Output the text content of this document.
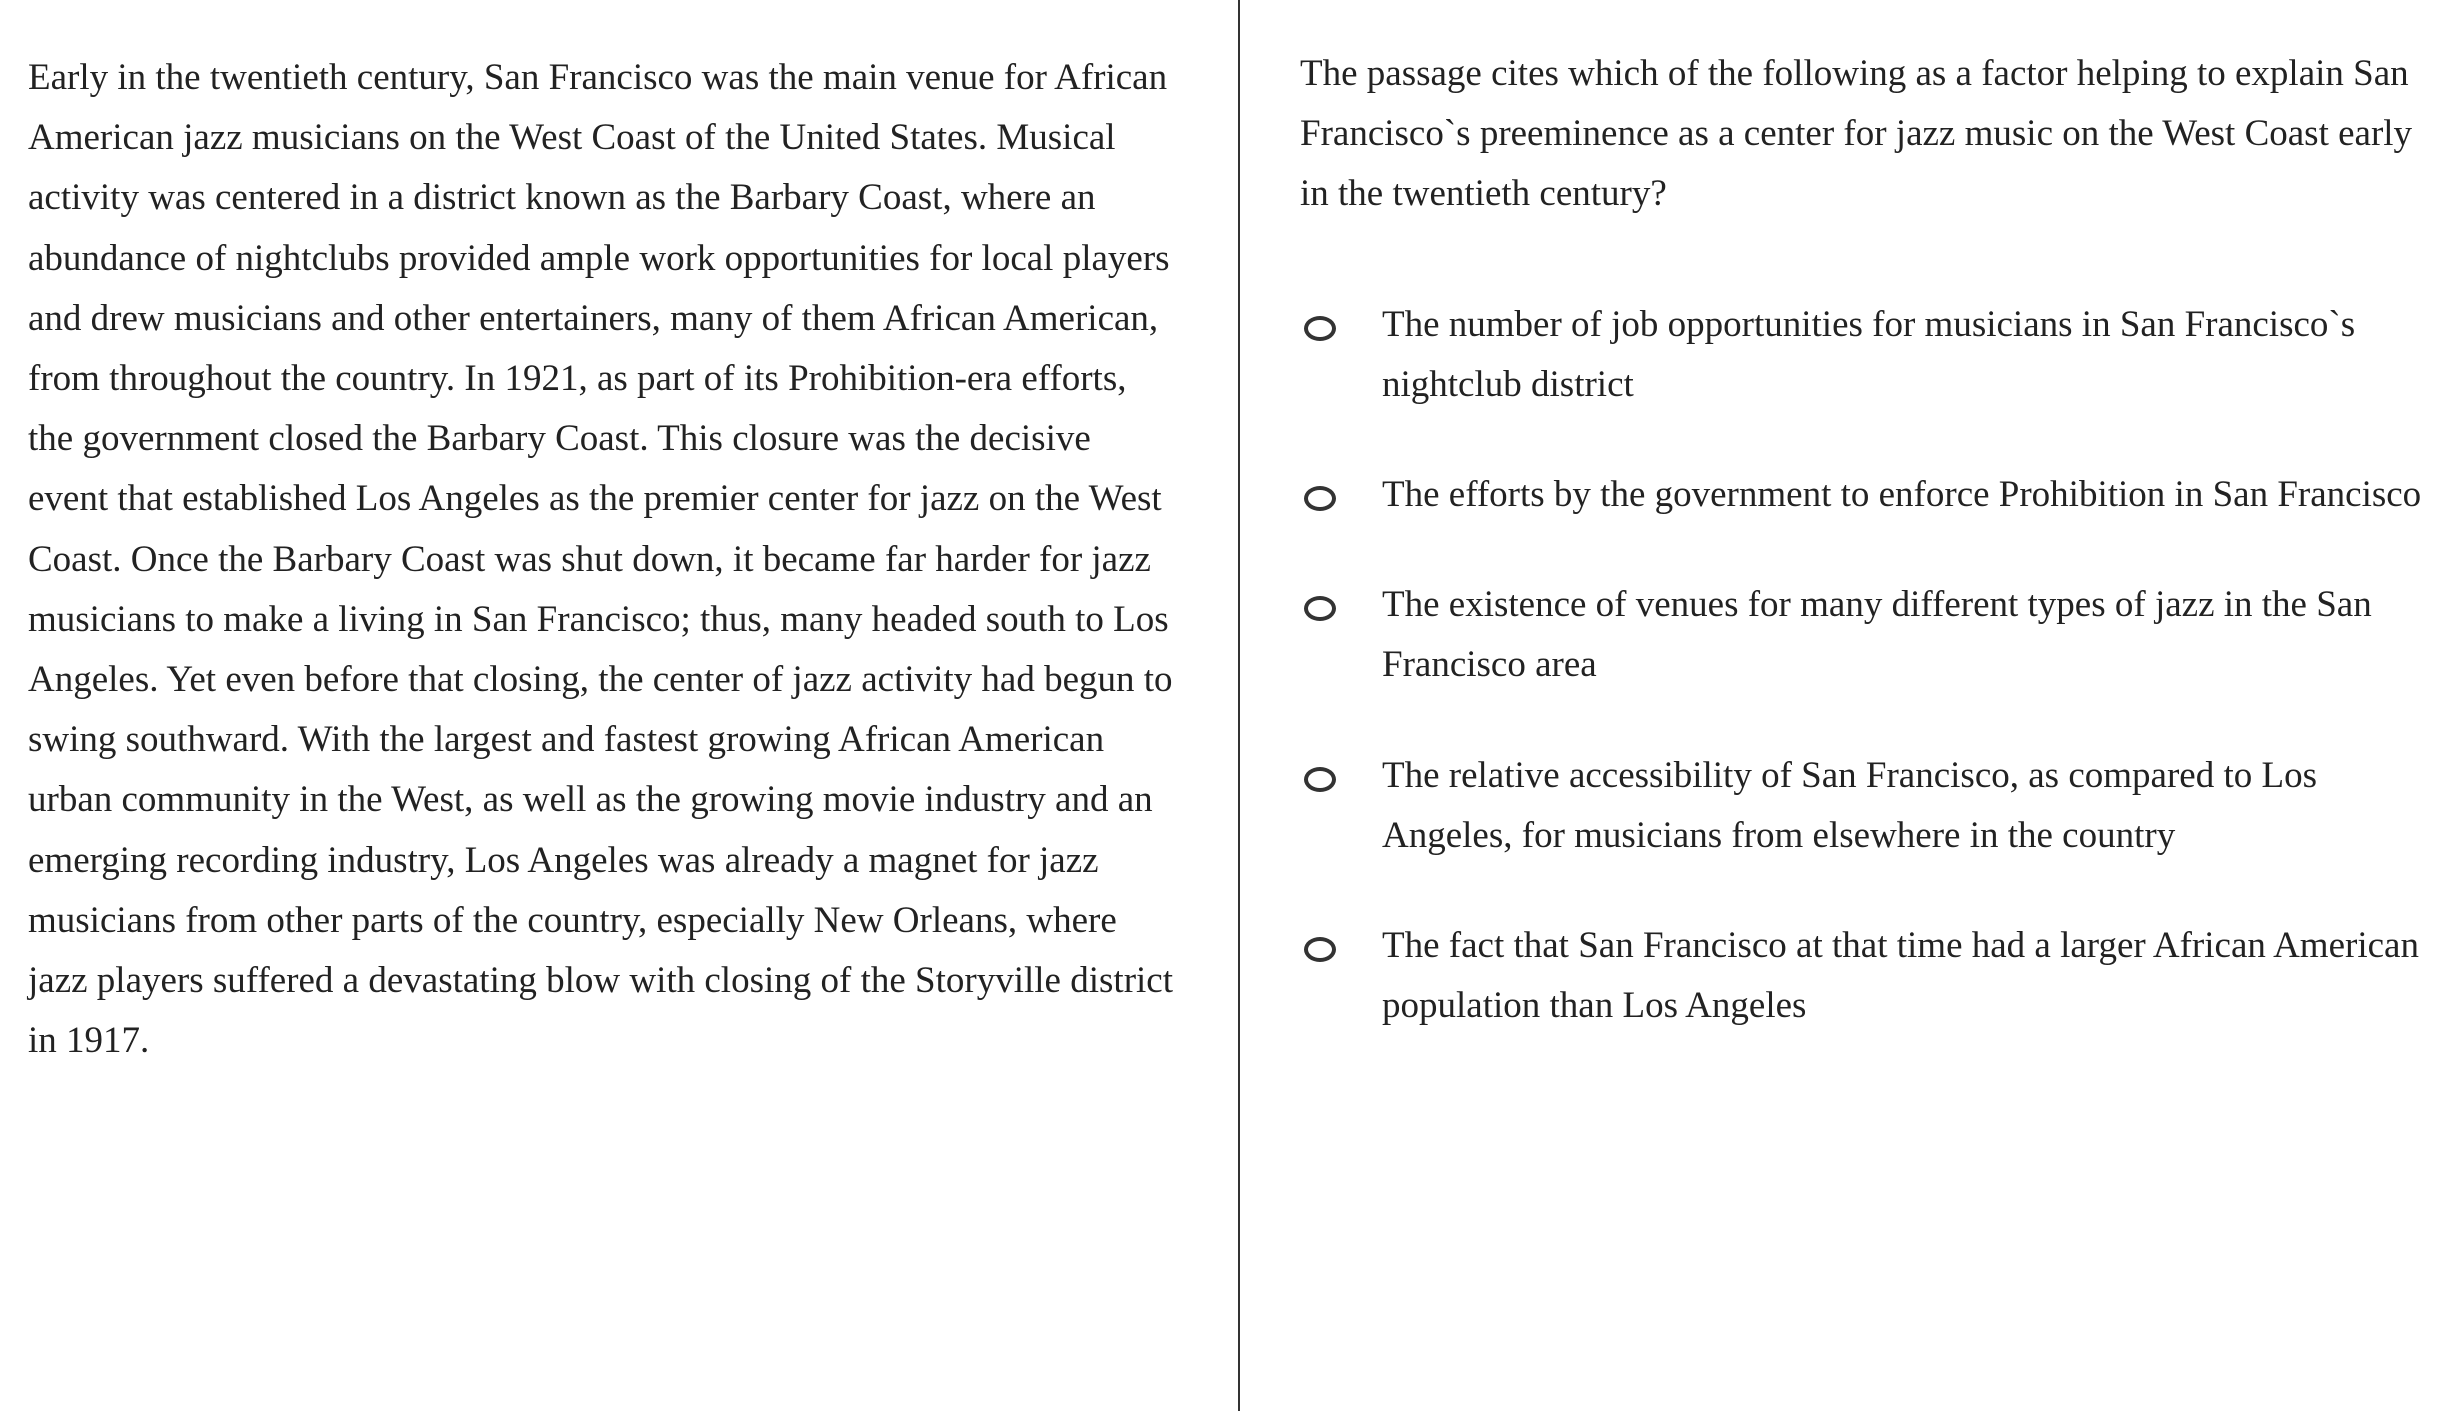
Early in the twentieth century, San Francisco was the main venue for African American jazz musicians on the West Coast of the United States. Musical activity was centered in a district known as the Barbary Coast, where an abundance of nightclubs provided ample work opportunities for local players and drew musicians and other entertainers, many of them African American, from throughout the country. In 1921, as part of its Prohibition-era efforts, the government closed the Barbary Coast. This closure was the decisive event that established Los Angeles as the premier center for jazz on the West Coast. Once the Barbary Coast was shut down, it became far harder for jazz musicians to make a living in San Francisco; thus, many headed south to Los Angeles. Yet even before that closing, the center of jazz activity had begun to swing southward. With the largest and fastest growing African American urban community in the West, as well as the growing movie industry and an emerging recording industry, Los Angeles was already a magnet for jazz musicians from other parts of the country, especially New Orleans, where jazz players suffered a devastating blow with closing of the Storyville district in 1917.

The passage cites which of the following as a factor helping to explain San Francisco`s preeminence as a center for jazz music on the West Coast early in the twentieth century?

The number of job opportunities for musicians in San Francisco`s nightclub district
The efforts by the government to enforce Prohibition in San Francisco
The existence of venues for many different types of jazz in the San Francisco area
The relative accessibility of San Francisco, as compared to Los Angeles, for musicians from elsewhere in the country
The fact that San Francisco at that time had a larger African American population than Los Angeles
